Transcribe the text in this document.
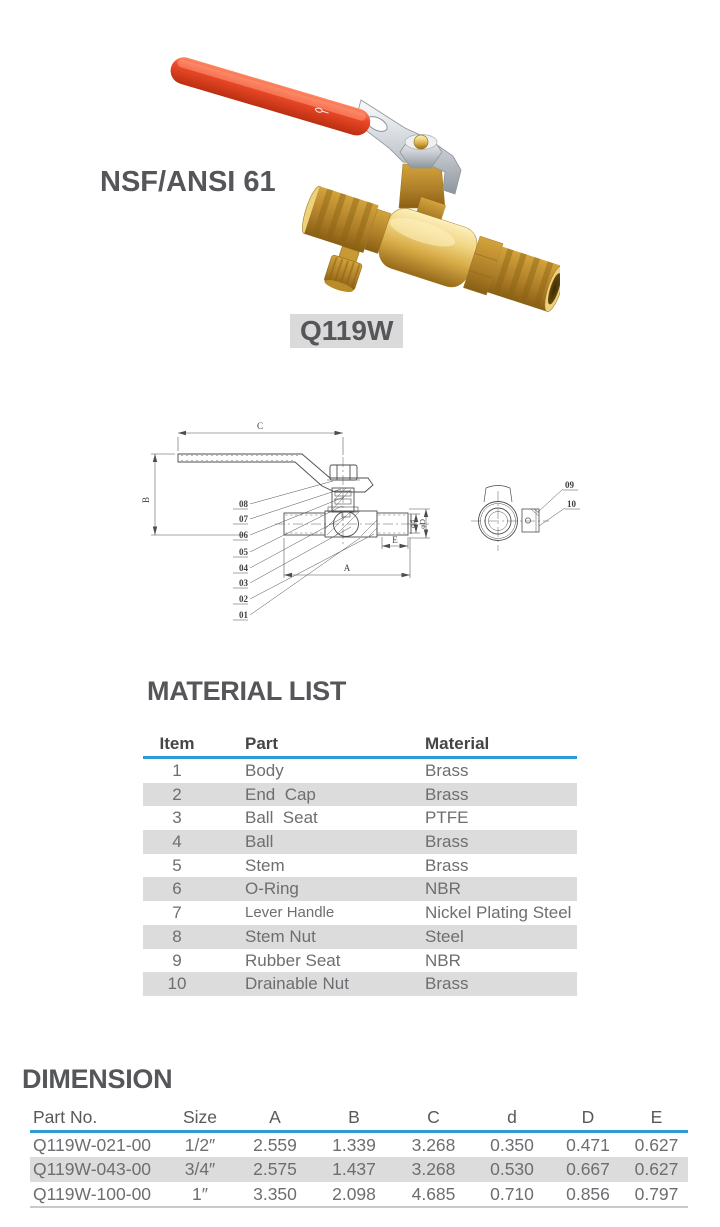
NSF/ANSI 61
Q119W
C
B
A
E
φd φD
08
07
06
05
04
03
02
01
09
10
MATERIAL LIST
Item	Part	Material
1	Body	Brass
2	End  Cap	Brass
3	Ball  Seat	PTFE
4	Ball	Brass
5	Stem	Brass
6	O-Ring	NBR
7	Lever Handle	Nickel Plating Steel
8	Stem Nut	Steel
9	Rubber Seat	NBR
10	Drainable Nut	Brass
DIMENSION
Part No.	Size	A	B	C	d	D	E
Q119W-021-00	1/2″	2.559	1.339	3.268	0.350	0.471	0.627
Q119W-043-00	3/4″	2.575	1.437	3.268	0.530	0.667	0.627
Q119W-100-00	1″	3.350	2.098	4.685	0.710	0.856	0.797
